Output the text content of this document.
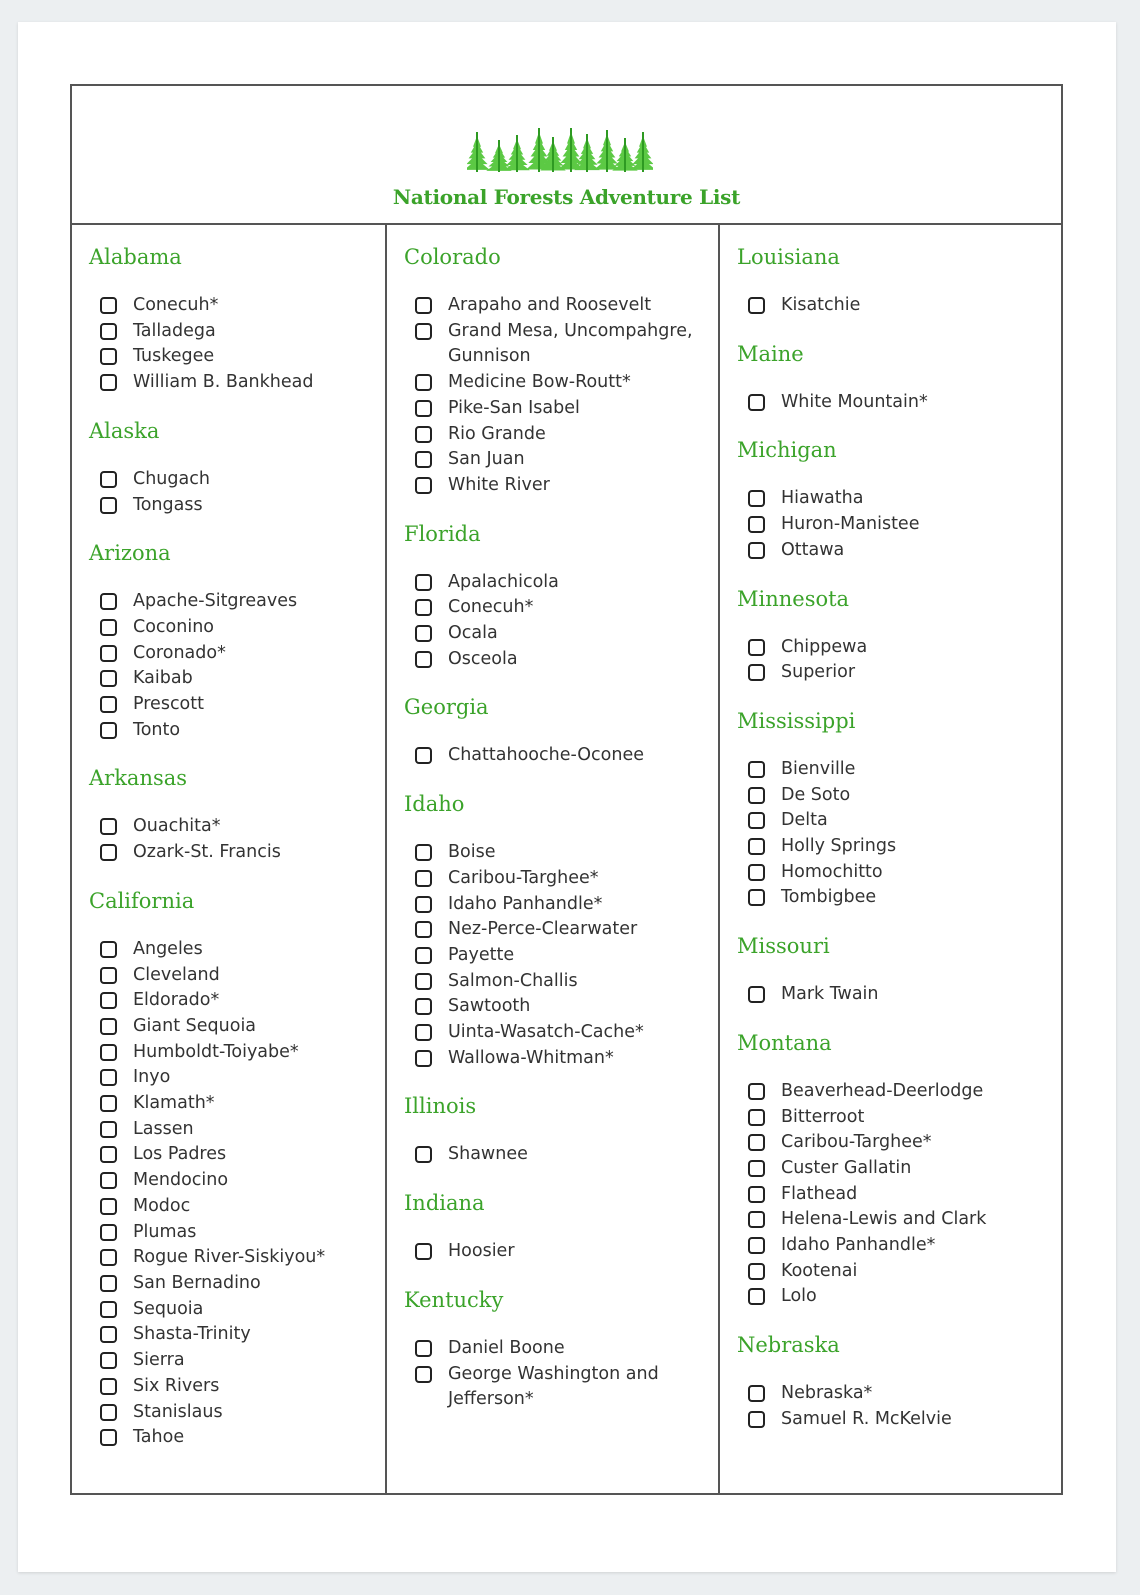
National Forests Adventure List
Alabama
Conecuh*
Talladega
Tuskegee
William B. Bankhead
Alaska
Chugach
Tongass
Arizona
Apache-Sitgreaves
Coconino
Coronado*
Kaibab
Prescott
Tonto
Arkansas
Ouachita*
Ozark-St. Francis
California
Angeles
Cleveland
Eldorado*
Giant Sequoia
Humboldt-Toiyabe*
Inyo
Klamath*
Lassen
Los Padres
Mendocino
Modoc
Plumas
Rogue River-Siskiyou*
San Bernadino
Sequoia
Shasta-Trinity
Sierra
Six Rivers
Stanislaus
Tahoe
Colorado
Arapaho and Roosevelt
Grand Mesa, Uncompahgre, Gunnison
Medicine Bow-Routt*
Pike-San Isabel
Rio Grande
San Juan
White River
Florida
Apalachicola
Conecuh*
Ocala
Osceola
Georgia
Chattahooche-Oconee
Idaho
Boise
Caribou-Targhee*
Idaho Panhandle*
Nez-Perce-Clearwater
Payette
Salmon-Challis
Sawtooth
Uinta-Wasatch-Cache*
Wallowa-Whitman*
Illinois
Shawnee
Indiana
Hoosier
Kentucky
Daniel Boone
George Washington and Jefferson*
Louisiana
Kisatchie
Maine
White Mountain*
Michigan
Hiawatha
Huron-Manistee
Ottawa
Minnesota
Chippewa
Superior
Mississippi
Bienville
De Soto
Delta
Holly Springs
Homochitto
Tombigbee
Missouri
Mark Twain
Montana
Beaverhead-Deerlodge
Bitterroot
Caribou-Targhee*
Custer Gallatin
Flathead
Helena-Lewis and Clark
Idaho Panhandle*
Kootenai
Lolo
Nebraska
Nebraska*
Samuel R. McKelvie
